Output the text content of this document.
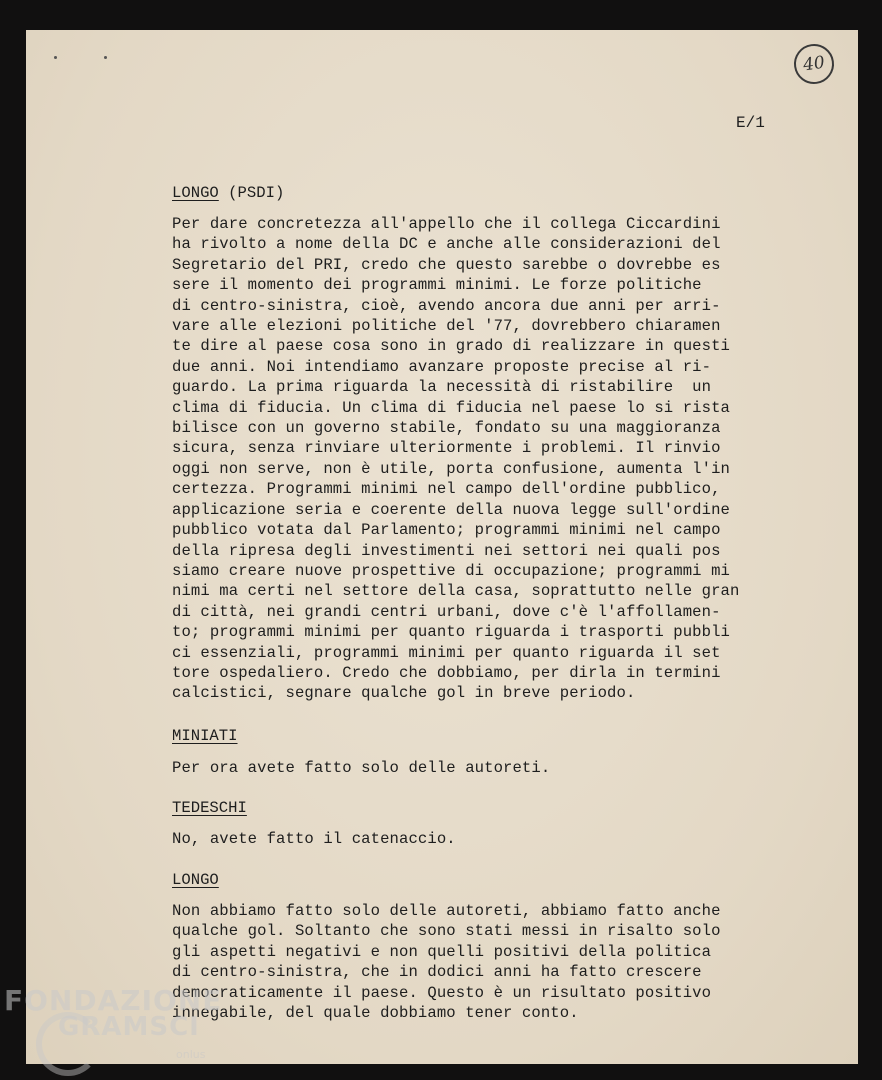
40
E/1
LONGO (PSDI)
Per dare concretezza all'appello che il collega Ciccardini
ha rivolto a nome della DC e anche alle considerazioni del
Segretario del PRI, credo che questo sarebbe o dovrebbe es
sere il momento dei programmi minimi. Le forze politiche
di centro-sinistra, cioè, avendo ancora due anni per arri-
vare alle elezioni politiche del '77, dovrebbero chiaramen
te dire al paese cosa sono in grado di realizzare in questi
due anni. Noi intendiamo avanzare proposte precise al ri-
guardo. La prima riguarda la necessità di ristabilire  un
clima di fiducia. Un clima di fiducia nel paese lo si rista
bilisce con un governo stabile, fondato su una maggioranza
sicura, senza rinviare ulteriormente i problemi. Il rinvio
oggi non serve, non è utile, porta confusione, aumenta l'in
certezza. Programmi minimi nel campo dell'ordine pubblico,
applicazione seria e coerente della nuova legge sull'ordine
pubblico votata dal Parlamento; programmi minimi nel campo
della ripresa degli investimenti nei settori nei quali pos
siamo creare nuove prospettive di occupazione; programmi mi
nimi ma certi nel settore della casa, soprattutto nelle gran
di città, nei grandi centri urbani, dove c'è l'affollamen-
to; programmi minimi per quanto riguarda i trasporti pubbli
ci essenziali, programmi minimi per quanto riguarda il set
tore ospedaliero. Credo che dobbiamo, per dirla in termini
calcistici, segnare qualche gol in breve periodo.
MINIATI
Per ora avete fatto solo delle autoreti.
TEDESCHI
No, avete fatto il catenaccio.
LONGO
Non abbiamo fatto solo delle autoreti, abbiamo fatto anche
qualche gol. Soltanto che sono stati messi in risalto solo
gli aspetti negativi e non quelli positivi della politica
di centro-sinistra, che in dodici anni ha fatto crescere
democraticamente il paese. Questo è un risultato positivo
innegabile, del quale dobbiamo tener conto.
FONDAZIONE
GRAMSCI
onlus
